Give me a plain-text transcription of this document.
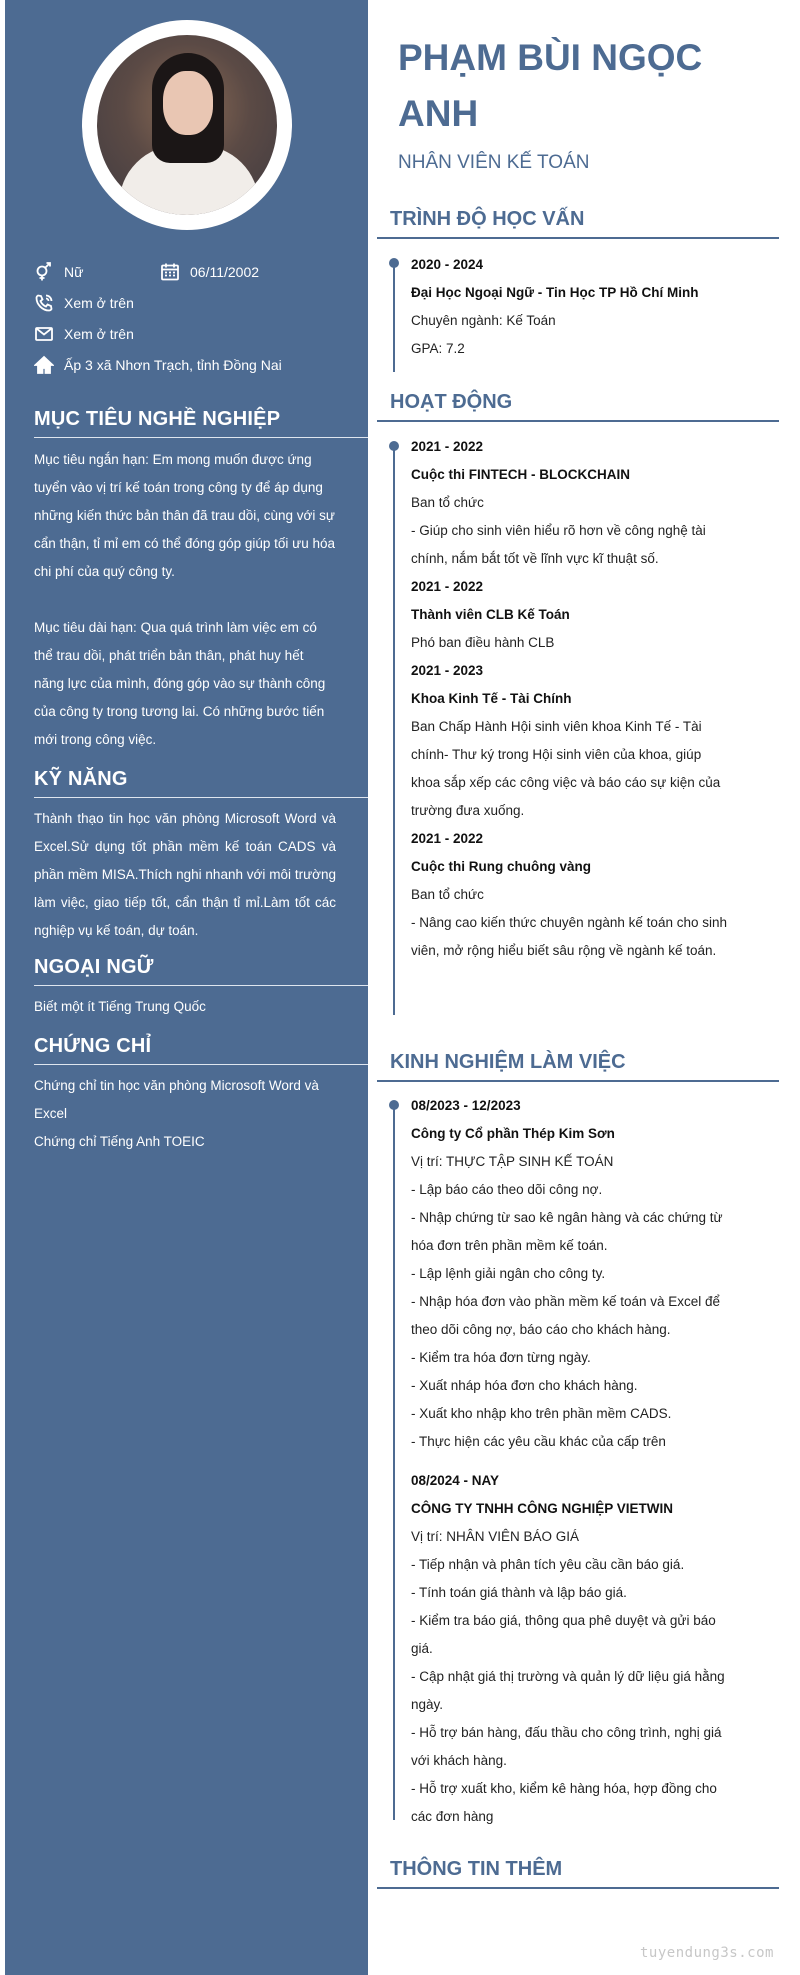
Nữ	06/11/2002
Xem ở trên
Xem ở trên
Ấp 3 xã Nhơn Trạch, tỉnh Đồng Nai
MỤC TIÊU NGHỀ NGHIỆP
Mục tiêu ngắn hạn: Em mong muốn được ứng tuyển vào vị trí kế toán trong công ty để áp dụng những kiến thức bản thân đã trau dồi, cùng với sự cẩn thận, tỉ mỉ em có thể đóng góp giúp tối ưu hóa chi phí của quý công ty.
Mục tiêu dài hạn: Qua quá trình làm việc em có thể trau dồi, phát triển bản thân, phát huy hết năng lực của mình, đóng góp vào sự thành công của công ty trong tương lai. Có những bước tiến mới trong công việc.
KỸ NĂNG
Thành thạo tin học văn phòng Microsoft Word và Excel.Sử dụng tốt phần mềm kế toán CADS và phần mềm MISA.Thích nghi nhanh với môi trường làm việc, giao tiếp tốt, cẩn thận tỉ mỉ.Làm tốt các nghiệp vụ kế toán, dự toán.
NGOẠI NGỮ
Biết một ít Tiếng Trung Quốc
CHỨNG CHỈ
Chứng chỉ tin học văn phòng Microsoft Word và Excel
Chứng chỉ Tiếng Anh TOEIC
PHẠM BÙI NGỌC ANH
NHÂN VIÊN KẾ TOÁN
TRÌNH ĐỘ HỌC VẤN
2020 - 2024
Đại Học Ngoại Ngữ - Tin Học TP Hồ Chí Minh
Chuyên ngành: Kế Toán
GPA: 7.2
HOẠT ĐỘNG
2021 - 2022
Cuộc thi FINTECH - BLOCKCHAIN
Ban tổ chức
- Giúp cho sinh viên hiểu rõ hơn về công nghệ tài chính, nắm bắt tốt về lĩnh vực kĩ thuật số.
2021 - 2022
Thành viên CLB Kế Toán
Phó ban điều hành CLB
2021 - 2023
Khoa Kinh Tế - Tài Chính
Ban Chấp Hành Hội sinh viên khoa Kinh Tế - Tài chính- Thư ký trong Hội sinh viên của khoa, giúp khoa sắp xếp các công việc và báo cáo sự kiện của trường đưa xuống.
2021 - 2022
Cuộc thi Rung chuông vàng
Ban tổ chức
- Nâng cao kiến thức chuyên ngành kế toán cho sinh viên, mở rộng hiểu biết sâu rộng về ngành kế toán.
KINH NGHIỆM LÀM VIỆC
08/2023 - 12/2023
Công ty Cổ phần Thép Kim Sơn
Vị trí: THỰC TẬP SINH KẾ TOÁN
- Lập báo cáo theo dõi công nợ.
- Nhập chứng từ sao kê ngân hàng và các chứng từ hóa đơn trên phần mềm kế toán.
- Lập lệnh giải ngân cho công ty.
- Nhập hóa đơn vào phần mềm kế toán và Excel để theo dõi công nợ, báo cáo cho khách hàng.
- Kiểm tra hóa đơn từng ngày.
- Xuất nháp hóa đơn cho khách hàng.
- Xuất kho nhập kho trên phần mềm CADS.
- Thực hiện các yêu cầu khác của cấp trên
08/2024 - NAY
CÔNG TY TNHH CÔNG NGHIỆP VIETWIN
Vị trí: NHÂN VIÊN BÁO GIÁ
- Tiếp nhận và phân tích yêu cầu cần báo giá.
- Tính toán giá thành và lập báo giá.
- Kiểm tra báo giá, thông qua phê duyệt và gửi báo giá.
- Cập nhật giá thị trường và quản lý dữ liệu giá hằng ngày.
- Hỗ trợ bán hàng, đấu thầu cho công trình, nghị giá với khách hàng.
- Hỗ trợ xuất kho, kiểm kê hàng hóa, hợp đồng cho các đơn hàng
THÔNG TIN THÊM
tuyendung3s.com
